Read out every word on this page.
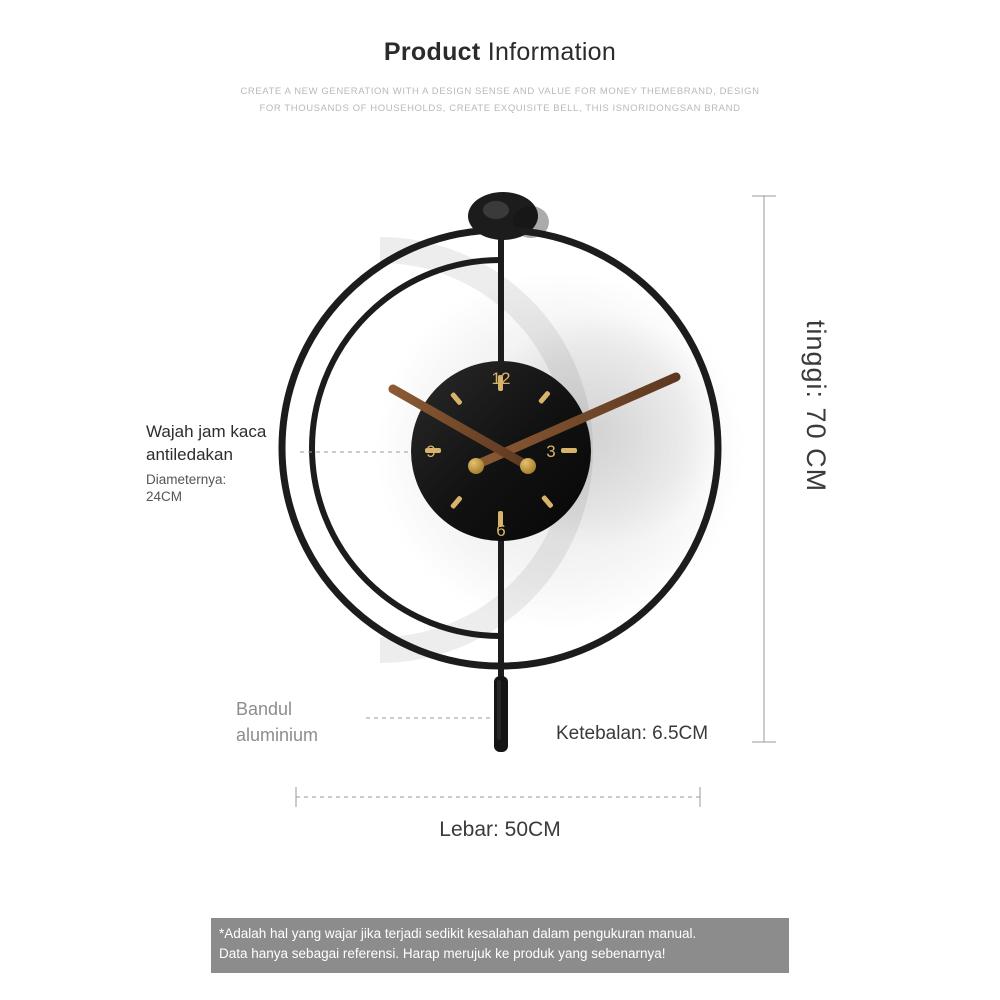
Product Information
CREATE A NEW GENERATION WITH A DESIGN SENSE AND VALUE FOR MONEY THEMEBRAND, DESIGN
FOR THOUSANDS OF HOUSEHOLDS, CREATE EXQUISITE BELL, THIS ISNORIDONGSAN BRAND
12
3
6
9	tinggi: 70 CM
Lebar: 50CM
Ketebalan: 6.5CM
Wajah jam kaca antiledakan
Diameternya:
24CM
Bandul
aluminium
*Adalah hal yang wajar jika terjadi sedikit kesalahan dalam pengukuran manual.
Data hanya sebagai referensi. Harap merujuk ke produk yang sebenarnya!
